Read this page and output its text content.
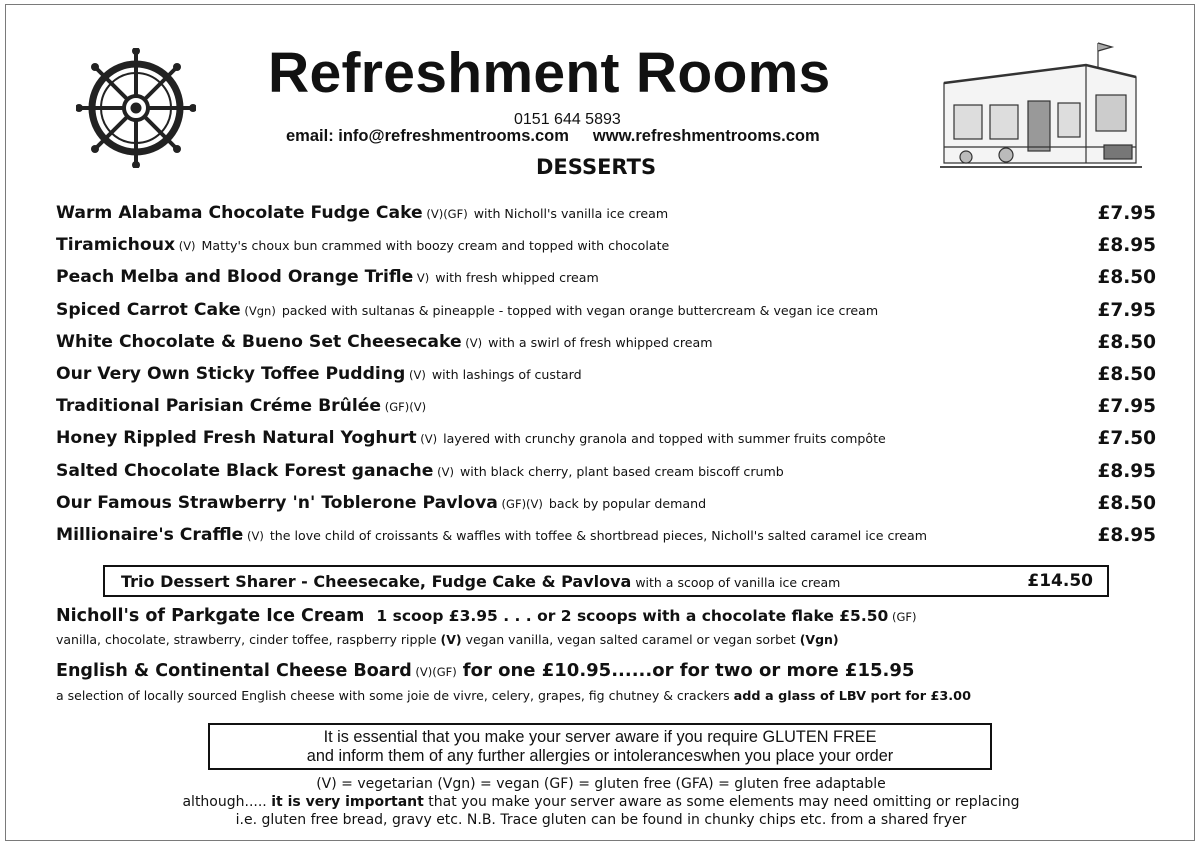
Refreshment Rooms
0151 644 5893
email: info@refreshmentrooms.com www.refreshmentrooms.com
DESSERTS
Warm Alabama Chocolate Fudge Cake (V)(GF) with Nicholl's vanilla ice cream	£7.95
Tiramichoux (V) Matty's choux bun crammed with boozy cream and topped with chocolate	£8.95
Peach Melba and Blood Orange Trifle V) with fresh whipped cream	£8.50
Spiced Carrot Cake (Vgn) packed with sultanas & pineapple - topped with vegan orange buttercream & vegan ice cream	£7.95
White Chocolate & Bueno Set Cheesecake (V) with a swirl of fresh whipped cream	£8.50
Our Very Own Sticky Toffee Pudding (V) with lashings of custard	£8.50
Traditional Parisian Créme Brûlée (GF)(V)	£7.95
Honey Rippled Fresh Natural Yoghurt (V) layered with crunchy granola and topped with summer fruits compôte	£7.50
Salted Chocolate Black Forest ganache (V) with black cherry, plant based cream biscoff crumb	£8.95
Our Famous Strawberry 'n' Toblerone Pavlova (GF)(V) back by popular demand	£8.50
Millionaire's Craffle (V) the love child of croissants & waffles with toffee & shortbread pieces, Nicholl's salted caramel ice cream	£8.95
Trio Dessert Sharer - Cheesecake, Fudge Cake & Pavlova with a scoop of vanilla ice cream	£14.50
Nicholl's of Parkgate Ice Cream 1 scoop £3.95 . . . or 2 scoops with a chocolate flake £5.50 (GF)
vanilla, chocolate, strawberry, cinder toffee, raspberry ripple (V) vegan vanilla, vegan salted caramel or vegan sorbet (Vgn)
English & Continental Cheese Board (V)(GF) for one £10.95......or for two or more £15.95
a selection of locally sourced English cheese with some joie de vivre, celery, grapes, fig chutney & crackers add a glass of LBV port for £3.00
It is essential that you make your server aware if you require GLUTEN FREE
and inform them of any further allergies or intoleranceswhen you place your order
(V) = vegetarian (Vgn) = vegan (GF) = gluten free (GFA) = gluten free adaptable
although..... it is very important that you make your server aware as some elements may need omitting or replacing
i.e. gluten free bread, gravy etc. N.B. Trace gluten can be found in chunky chips etc. from a shared fryer
